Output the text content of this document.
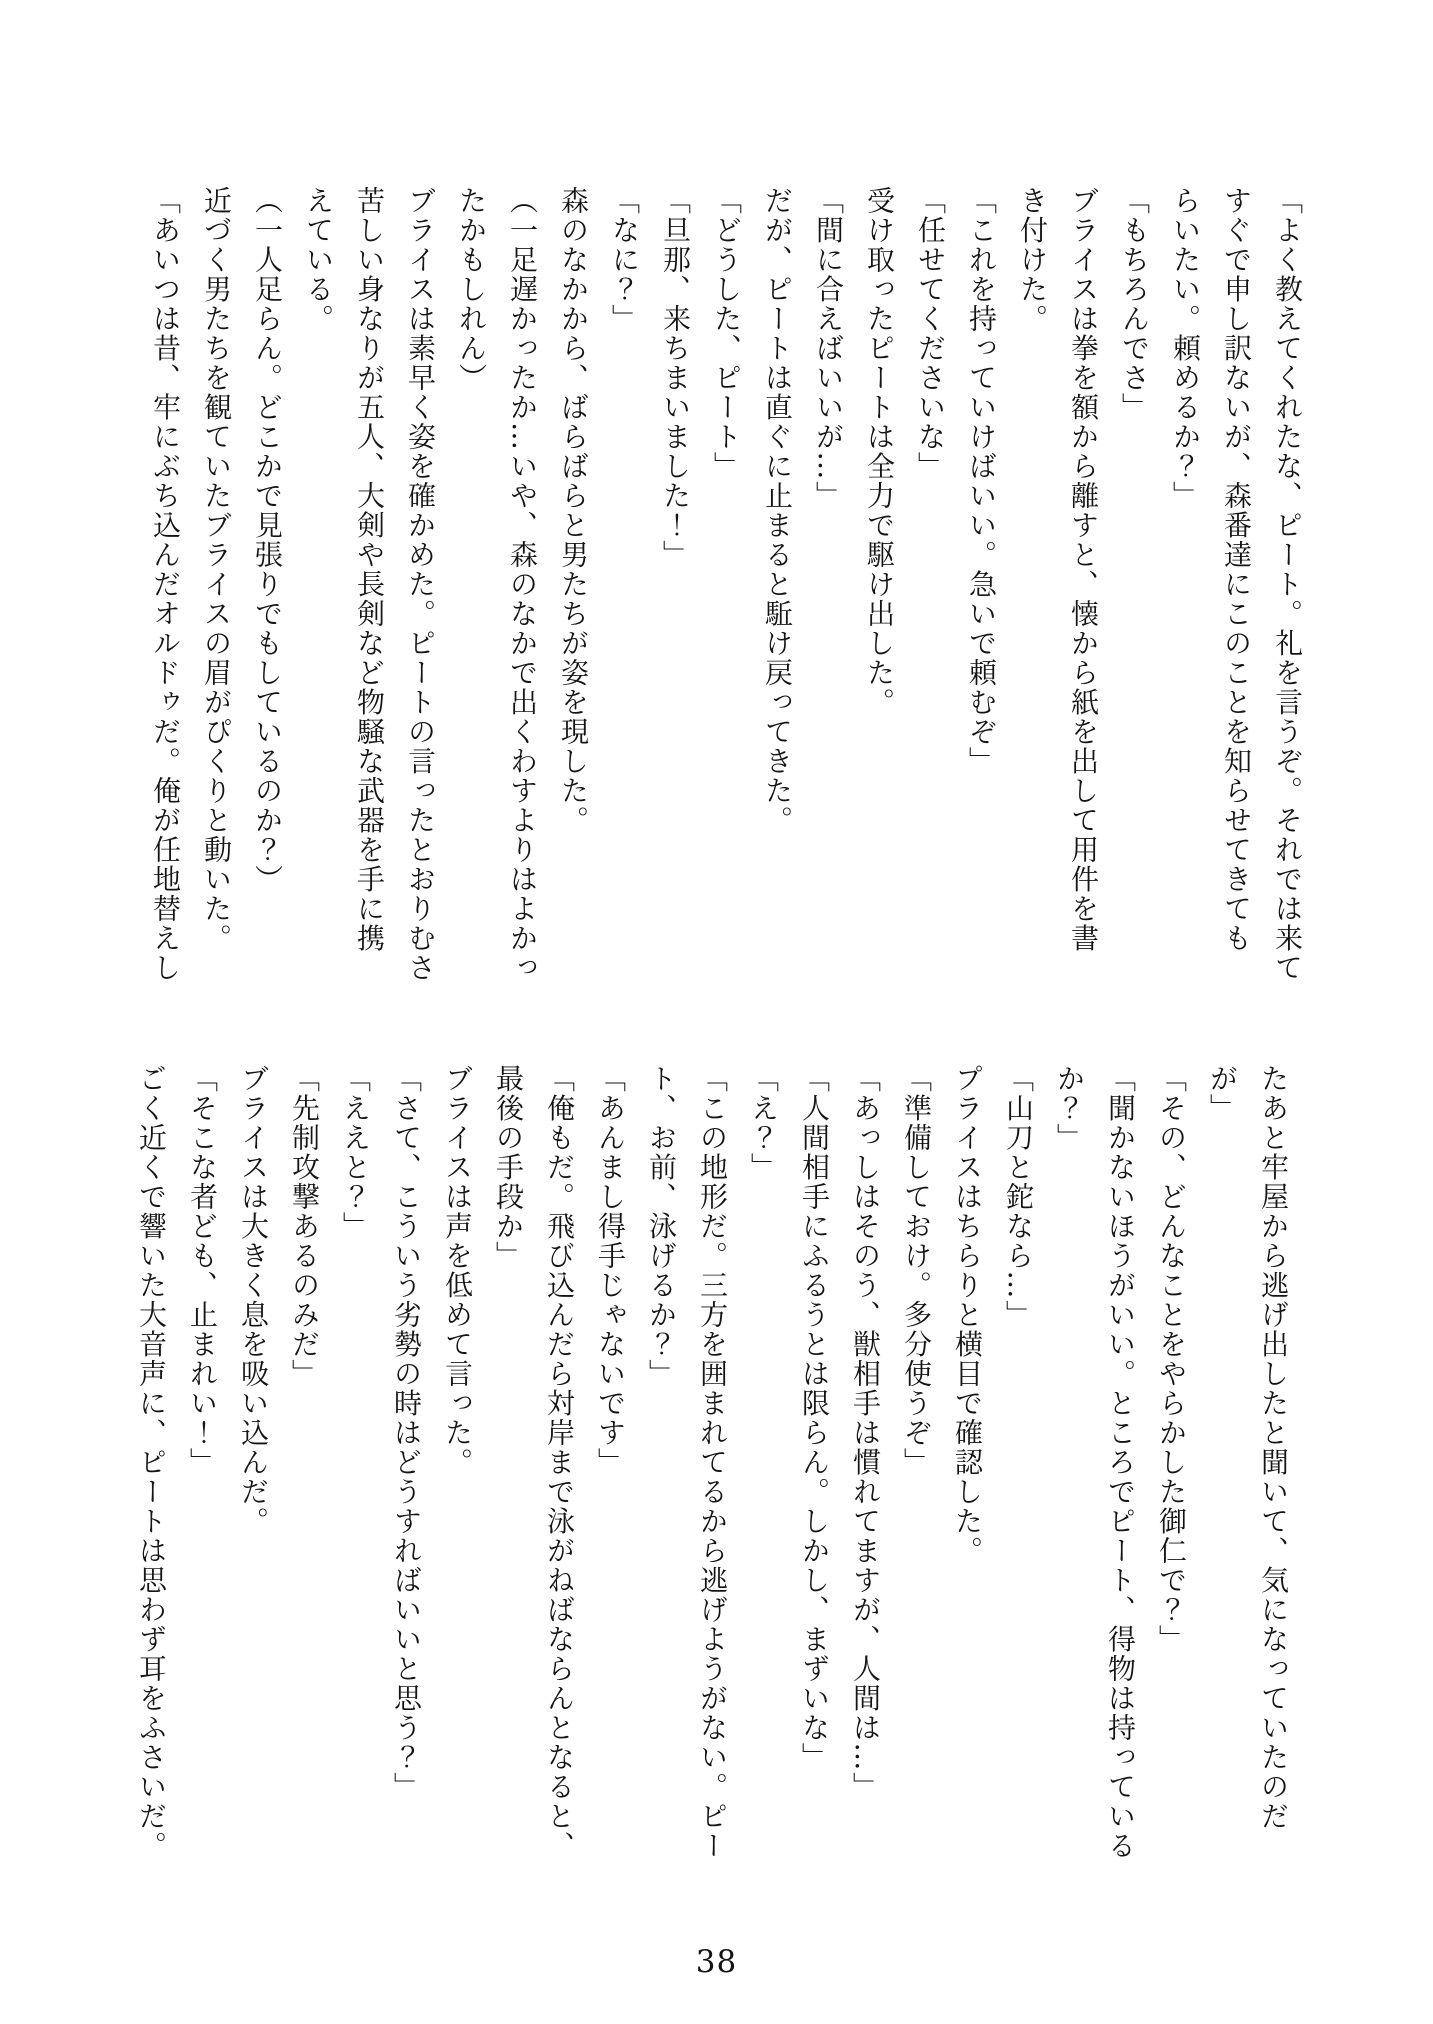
「よく教えてくれたな、ピート。礼を言うぞ。それでは来て
すぐで申し訳ないが、森番達にこのことを知らせてきても
らいたい。頼めるか？」
「もちろんでさ」
ブライスは拳を額から離すと、懐から紙を出して用件を書
き付けた。
「これを持っていけばいい。急いで頼むぞ」
「任せてくださいな」
受け取ったピートは全力で駆け出した。
「間に合えばいいが…」
だが、ピートは直ぐに止まると駈け戻ってきた。
「どうした、ピート」
「旦那、来ちまいました！」
「なに？」
森のなかから、ばらばらと男たちが姿を現した。
（一足遅かったか…いや、森のなかで出くわすよりはよかっ
たかもしれん）
ブライスは素早く姿を確かめた。ピートの言ったとおりむさ
苦しい身なりが五人、大剣や長剣など物騒な武器を手に携
えている。
（一人足らん。どこかで見張りでもしているのか？）
近づく男たちを観ていたブライスの眉がぴくりと動いた。
「あいつは昔、牢にぶち込んだオルドゥだ。俺が任地替えし
たあと牢屋から逃げ出したと聞いて、気になっていたのだ
が」
「その、どんなことをやらかした御仁で？」
「聞かないほうがいい。ところでピート、得物は持っている
か？」
「山刀と鉈なら…」
プライスはちらりと横目で確認した。
「準備しておけ。多分使うぞ」
「あっしはそのう、獣相手は慣れてますが、人間は…」
「人間相手にふるうとは限らん。しかし、まずいな」
「え？」
「この地形だ。三方を囲まれてるから逃げようがない。ピー
ト、お前、泳げるか？」
「あんまし得手じゃないです」
「俺もだ。飛び込んだら対岸まで泳がねばならんとなると、
最後の手段か」
ブライスは声を低めて言った。
「さて、こういう劣勢の時はどうすればいいと思う？」
「ええと？」
「先制攻撃あるのみだ」
ブライスは大きく息を吸い込んだ。
「そこな者ども、止まれい！」
ごく近くで響いた大音声に、ピートは思わず耳をふさいだ。
38
